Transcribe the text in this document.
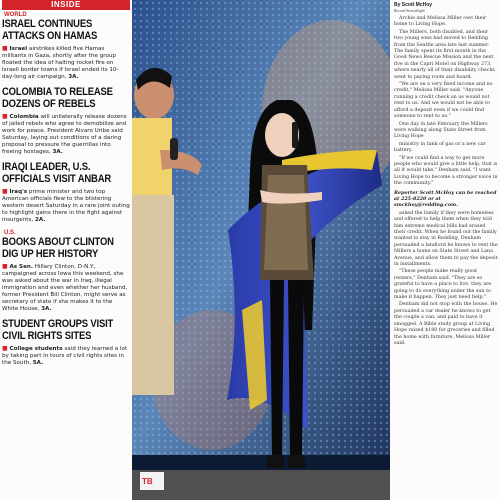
INSIDE
WORLD
ISRAEL CONTINUES ATTACKS ON HAMAS

■ Israel airstrikes killed five Hamas militants in Gaza, shortly after the group floated the idea of halting rocket fire on Israeli border towns if Israel ended its 10-day-long air campaign, 3A.

COLOMBIA TO RELEASE DOZENS OF REBELS

■ Colombia will unilaterally release dozens of jailed rebels who agree to demobilize and work for peace. President Alvaro Uribe said Saturday, laying out conditions of a daring proposal to pressure the guerrillas into freeing hostages, 3A.

IRAQI LEADER, U.S. OFFICIALS VISIT ANBAR

■ Iraq's prime minister and two top American officials flew to the blistering western desert Saturday in a rare joint outing to highlight gains there in the fight against insurgents, 2A.

U.S.
BOOKS ABOUT CLINTON DIG UP HER HISTORY

■ As Sen. Hillary Clinton, D-N.Y., campaigned across Iowa this weekend, she was asked about the war in Iraq, illegal immigration and even whether her husband, former President Bill Clinton, might serve as secretary of state if she makes it to the White House, 3A.

STUDENT GROUPS VISIT CIVIL RIGHTS SITES

■ College students said they learned a lot by taking part in tours of civil rights sites in the South, 5A.

TB

By Scott McHoy

Record Searchlight

Archie and Melissa Miller owe their home to Living Hope.

The Millers, both disabled, and their two young sons had moved to Redding from the Seattle area late last summer. The family spent its first month in the Good News Rescue Mission and the next five in the Capri Motel on Highway 273, where nearly all of their disability checks went to paying room and board.

"We are on a very fixed income and no credit," Melissa Miller said. "Anyone running a credit check on us would not rent to us. And we would not be able to afford a deposit even if we could find someone to rent to us."

One day in late February the Millers were walking along State Street from Living Hope

ministry in tank of gas or a new car battery.

"If we could find a way to get more people who would give a little help, that is all it would take," Denham said. "I want Living Hope to become a stronger voice in the community."

Reporter Scott McHoy can be reached at 225-8220 or at smckhoy@redding.com.

asked the family if they were homeless and offered to help them when they told him extreme medical bills had erased their credit. When he found out the family wanted to stay in Redding, Denham persuaded a landlord he knows to rent the Millers a home on State Street and Lana Avenue, and allow them to pay the deposit in installments.

"These people make really good renters," Denham said. "They are so grateful to have a place to live, they are going to do everything under the sun to make it happen. They just need help."

Denham did not stop with the house. He persuaded a car dealer he knows to get the couple a van, and paid to have it smogged. A Bible study group at Living Hope raised $180 for groceries and filled the home with furniture, Melissa Miller said.
